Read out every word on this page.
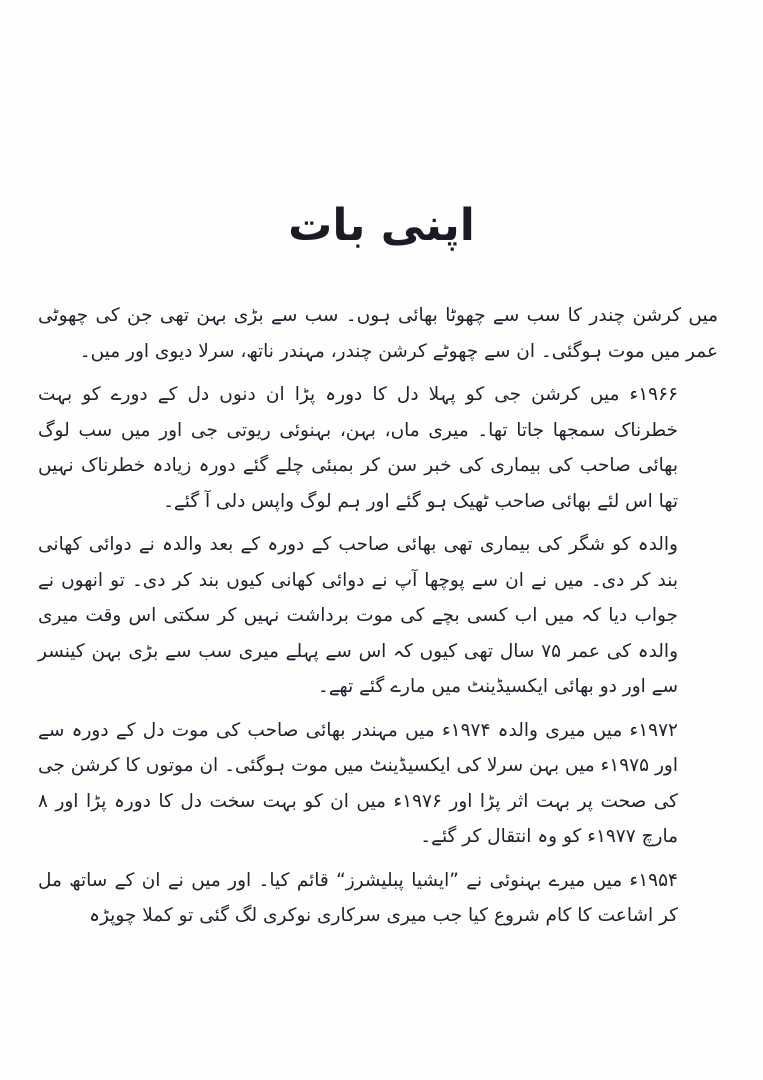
اپنی بات

میں کرشن چندر کا سب سے چھوٹا بھائی ہوں۔ سب سے بڑی بہن تھی جن کی چھوٹی عمر میں موت ہوگئی۔ ان سے چھوٹے کرشن چندر، مہندر ناتھ، سرلا دیوی اور میں۔

۱۹۶۶ء میں کرشن جی کو پہلا دل کا دورہ پڑا ان دنوں دل کے دورے کو بہت خطرناک سمجھا جاتا تھا۔ میری ماں، بہن، بہنوئی ریوتی جی اور میں سب لوگ بھائی صاحب کی بیماری کی خبر سن کر بمبئی چلے گئے دورہ زیادہ خطرناک نہیں تھا اس لئے بھائی صاحب ٹھیک ہو گئے اور ہم لوگ واپس دلی آ گئے۔

والدہ کو شگر کی بیماری تھی بھائی صاحب کے دورہ کے بعد والدہ نے دوائی کھانی بند کر دی۔ میں نے ان سے پوچھا آپ نے دوائی کھانی کیوں بند کر دی۔ تو انھوں نے جواب دیا کہ میں اب کسی بچے کی موت برداشت نہیں کر سکتی اس وقت میری والدہ کی عمر ۷۵ سال تھی کیوں کہ اس سے پہلے میری سب سے بڑی بہن کینسر سے اور دو بھائی ایکسیڈینٹ میں مارے گئے تھے۔

۱۹۷۲ء میں میری والدہ ۱۹۷۴ء میں مہندر بھائی صاحب کی موت دل کے دورہ سے اور ۱۹۷۵ء میں بہن سرلا کی ایکسیڈینٹ میں موت ہوگئی۔ ان موتوں کا کرشن جی کی صحت پر بہت اثر پڑا اور ۱۹۷۶ء میں ان کو بہت سخت دل کا دورہ پڑا اور ۸ مارچ ۱۹۷۷ء کو وہ انتقال کر گئے۔

۱۹۵۴ء میں میرے بہنوئی نے ”ایشیا پبلیشرز“ قائم کیا۔ اور میں نے ان کے ساتھ مل کر اشاعت کا کام شروع کیا جب میری سرکاری نوکری لگ گئی تو کملا چوپڑہ
